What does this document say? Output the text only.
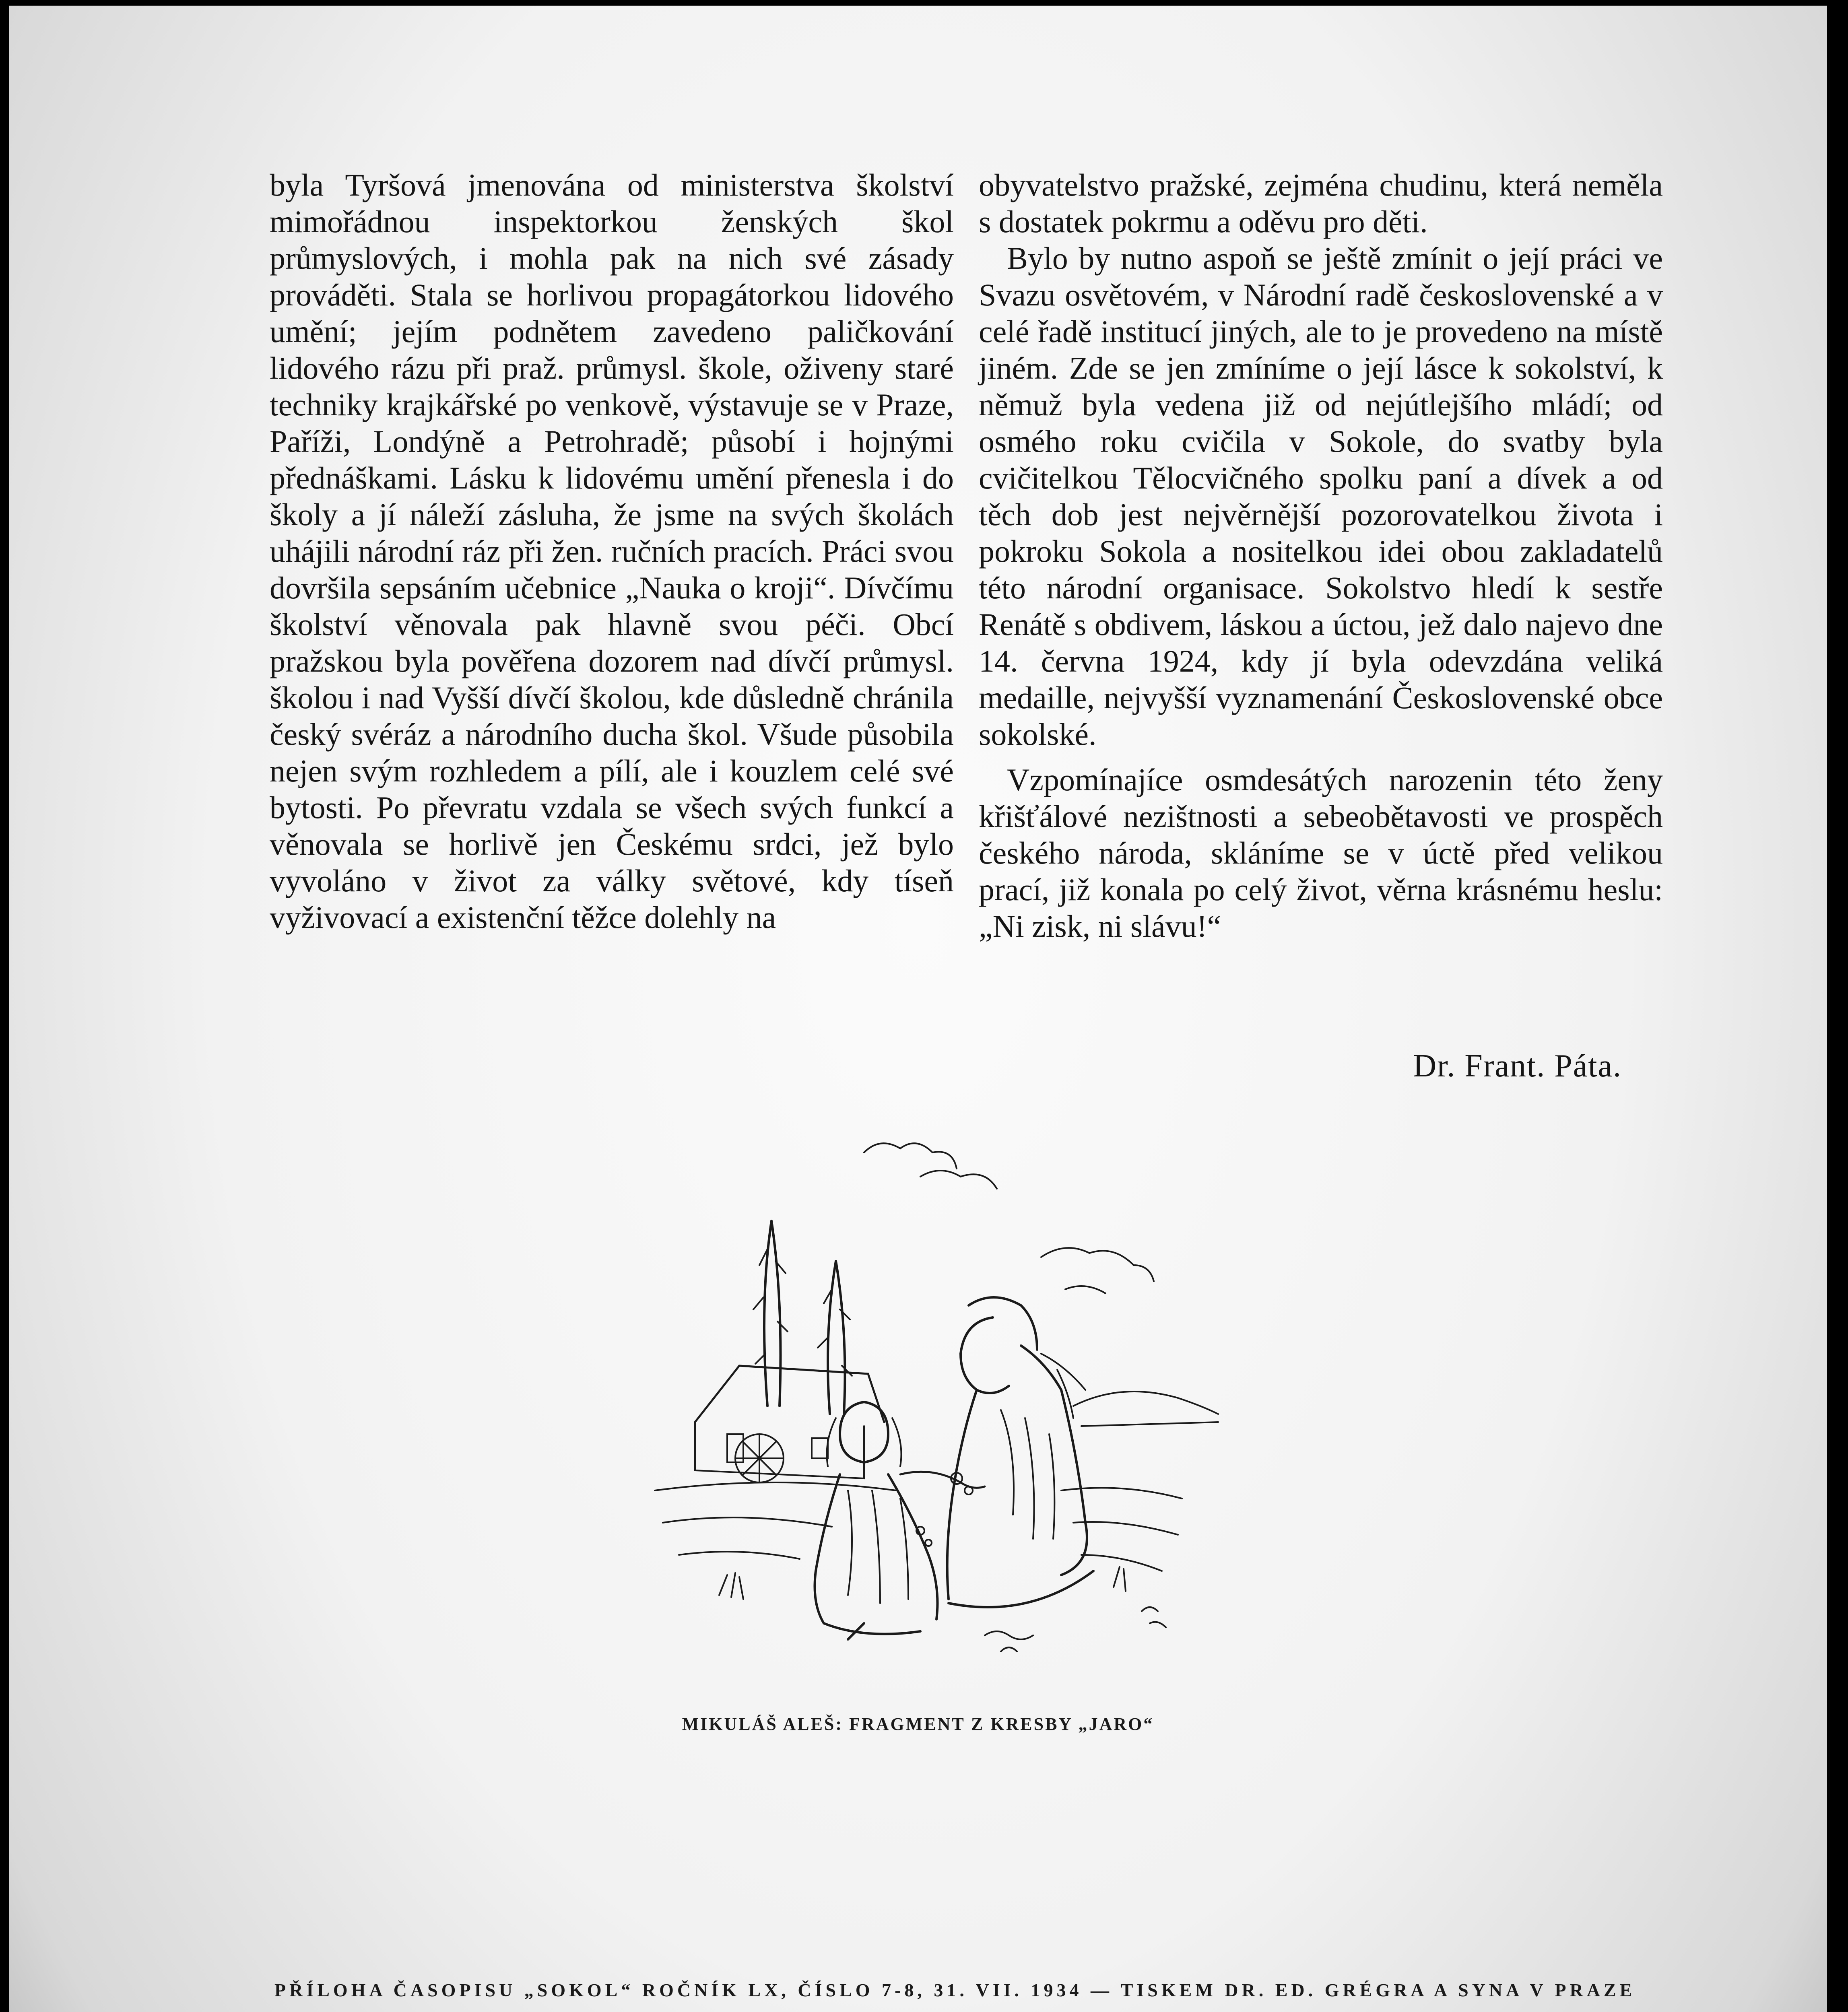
byla Tyršová jmenována od ministerstva školství mimořádnou inspektorkou ženských škol průmyslových, i mohla pak na nich své zásady prováděti. Stala se horlivou propagátorkou lidového umění; jejím podnětem zavedeno paličkování lidového rázu při praž. průmysl. škole, oživeny staré techniky krajkářské po venkově, výstavuje se v Praze, Paříži, Londýně a Petrohradě; působí i hojnými přednáškami. Lásku k lidovému umění přenesla i do školy a jí náleží zásluha, že jsme na svých školách uhájili národní ráz při žen. ručních pracích. Práci svou dovršila sepsáním učebnice „Nauka o kroji“. Dívčímu školství věnovala pak hlavně svou péči. Obcí pražskou byla pověřena dozorem nad dívčí průmysl. školou i nad Vyšší dívčí školou, kde důsledně chránila český svéráz a národního ducha škol. Všude působila nejen svým rozhledem a pílí, ale i kouzlem celé své bytosti. Po převratu vzdala se všech svých funkcí a věnovala se horlivě jen Českému srdci, jež bylo vyvoláno v život za války světové, kdy tíseň vyživovací a existenční těžce dolehly na

obyvatelstvo pražské, zejména chudinu, která neměla s dostatek pokrmu a oděvu pro děti.

Bylo by nutno aspoň se ještě zmínit o její práci ve Svazu osvětovém, v Národní radě československé a v celé řadě institucí jiných, ale to je provedeno na místě jiném. Zde se jen zmíníme o její lásce k sokolství, k němuž byla vedena již od nejútlejšího mládí; od osmého roku cvičila v Sokole, do svatby byla cvičitelkou Tělocvičného spolku paní a dívek a od těch dob jest nejvěrnější pozorovatelkou života i pokroku Sokola a nositelkou idei obou zakladatelů této národní organisace. Sokolstvo hledí k sestře Renátě s obdivem, láskou a úctou, jež dalo najevo dne 14. června 1924, kdy jí byla odevzdána veliká medaille, nejvyšší vyznamenání Československé obce sokolské.

Vzpomínajíce osmdesátých narozenin této ženy křišťálové nezištnosti a sebeobětavosti ve prospěch českého národa, skláníme se v úctě před velikou prací, již konala po celý život, věrna krásnému heslu: „Ni zisk, ni slávu!“

Dr. Frant. Páta.
MIKULÁŠ ALEŠ: FRAGMENT Z KRESBY „JARO“
PŘÍLOHA ČASOPISU „SOKOL“ ROČNÍK LX, ČÍSLO 7-8, 31. VII. 1934 — TISKEM DR. ED. GRÉGRA A SYNA V PRAZE
